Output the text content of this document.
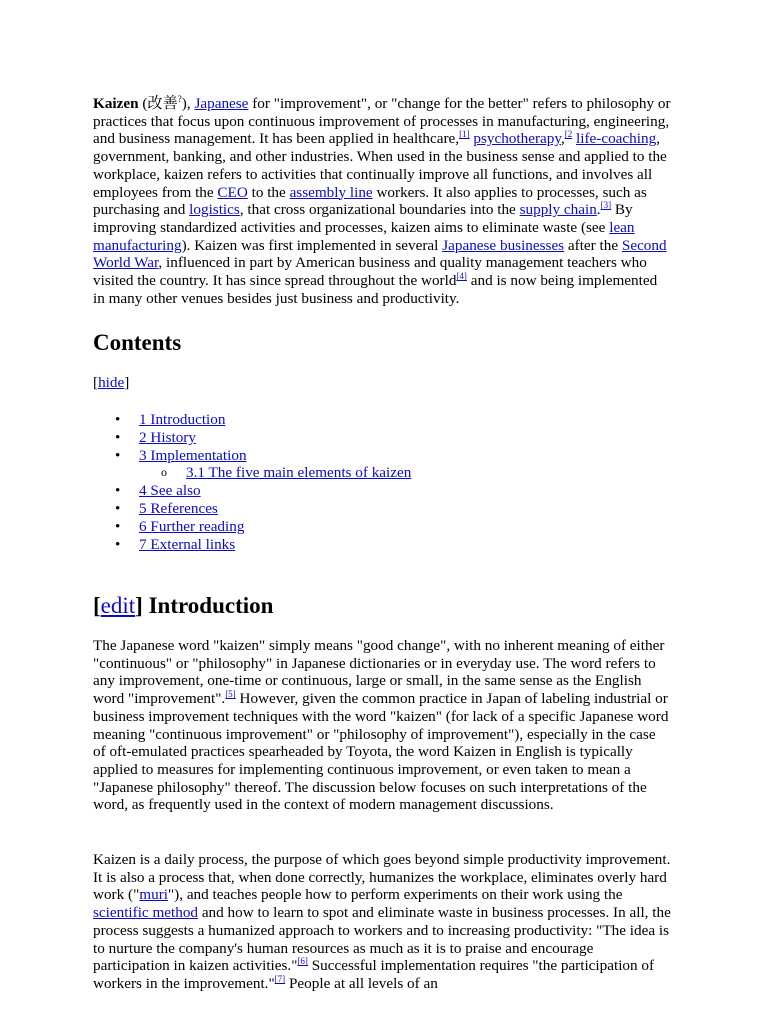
Kaizen (改善?), Japanese for "improvement", or "change for the better" refers to philosophy or practices that focus upon continuous improvement of processes in manufacturing, engineering, and business management. It has been applied in healthcare,[1] psychotherapy,$^{[2}$ life-coaching, government, banking, and other industries. When used in the business sense and applied to the workplace, kaizen refers to activities that continually improve all functions, and involves all employees from the CEO to the assembly line workers. It also applies to processes, such as purchasing and logistics, that cross organizational boundaries into the supply chain.[3] By improving standardized activities and processes, kaizen aims to eliminate waste (see lean manufacturing). Kaizen was first implemented in several Japanese businesses after the Second World War, influenced in part by American business and quality management teachers who visited the country. It has since spread throughout the world[4] and is now being implemented in many other venues besides just business and productivity.

Contents
[hide]
• 1 Introduction
• 2 History
• 3 Implementation
o 3.1 The five main elements of kaizen
• 4 See also
• 5 References
• 6 Further reading
• 7 External links
[edit] Introduction

The Japanese word "kaizen" simply means "good change", with no inherent meaning of either "continuous" or "philosophy" in Japanese dictionaries or in everyday use. The word refers to any improvement, one-time or continuous, large or small, in the same sense as the English word "improvement".[5] However, given the common practice in Japan of labeling industrial or business improvement techniques with the word "kaizen" (for lack of a specific Japanese word meaning "continuous improvement" or "philosophy of improvement"), especially in the case of oft-emulated practices spearheaded by Toyota, the word Kaizen in English is typically applied to measures for implementing continuous improvement, or even taken to mean a "Japanese philosophy" thereof. The discussion below focuses on such interpretations of the word, as frequently used in the context of modern management discussions.

Kaizen is a daily process, the purpose of which goes beyond simple productivity improvement. It is also a process that, when done correctly, humanizes the workplace, eliminates overly hard work ("muri"), and teaches people how to perform experiments on their work using the scientific method and how to learn to spot and eliminate waste in business processes. In all, the process suggests a humanized approach to workers and to increasing productivity: "The idea is to nurture the company's human resources as much as it is to praise and encourage participation in kaizen activities."[6] Successful implementation requires "the participation of workers in the improvement."[7] People at all levels of an
